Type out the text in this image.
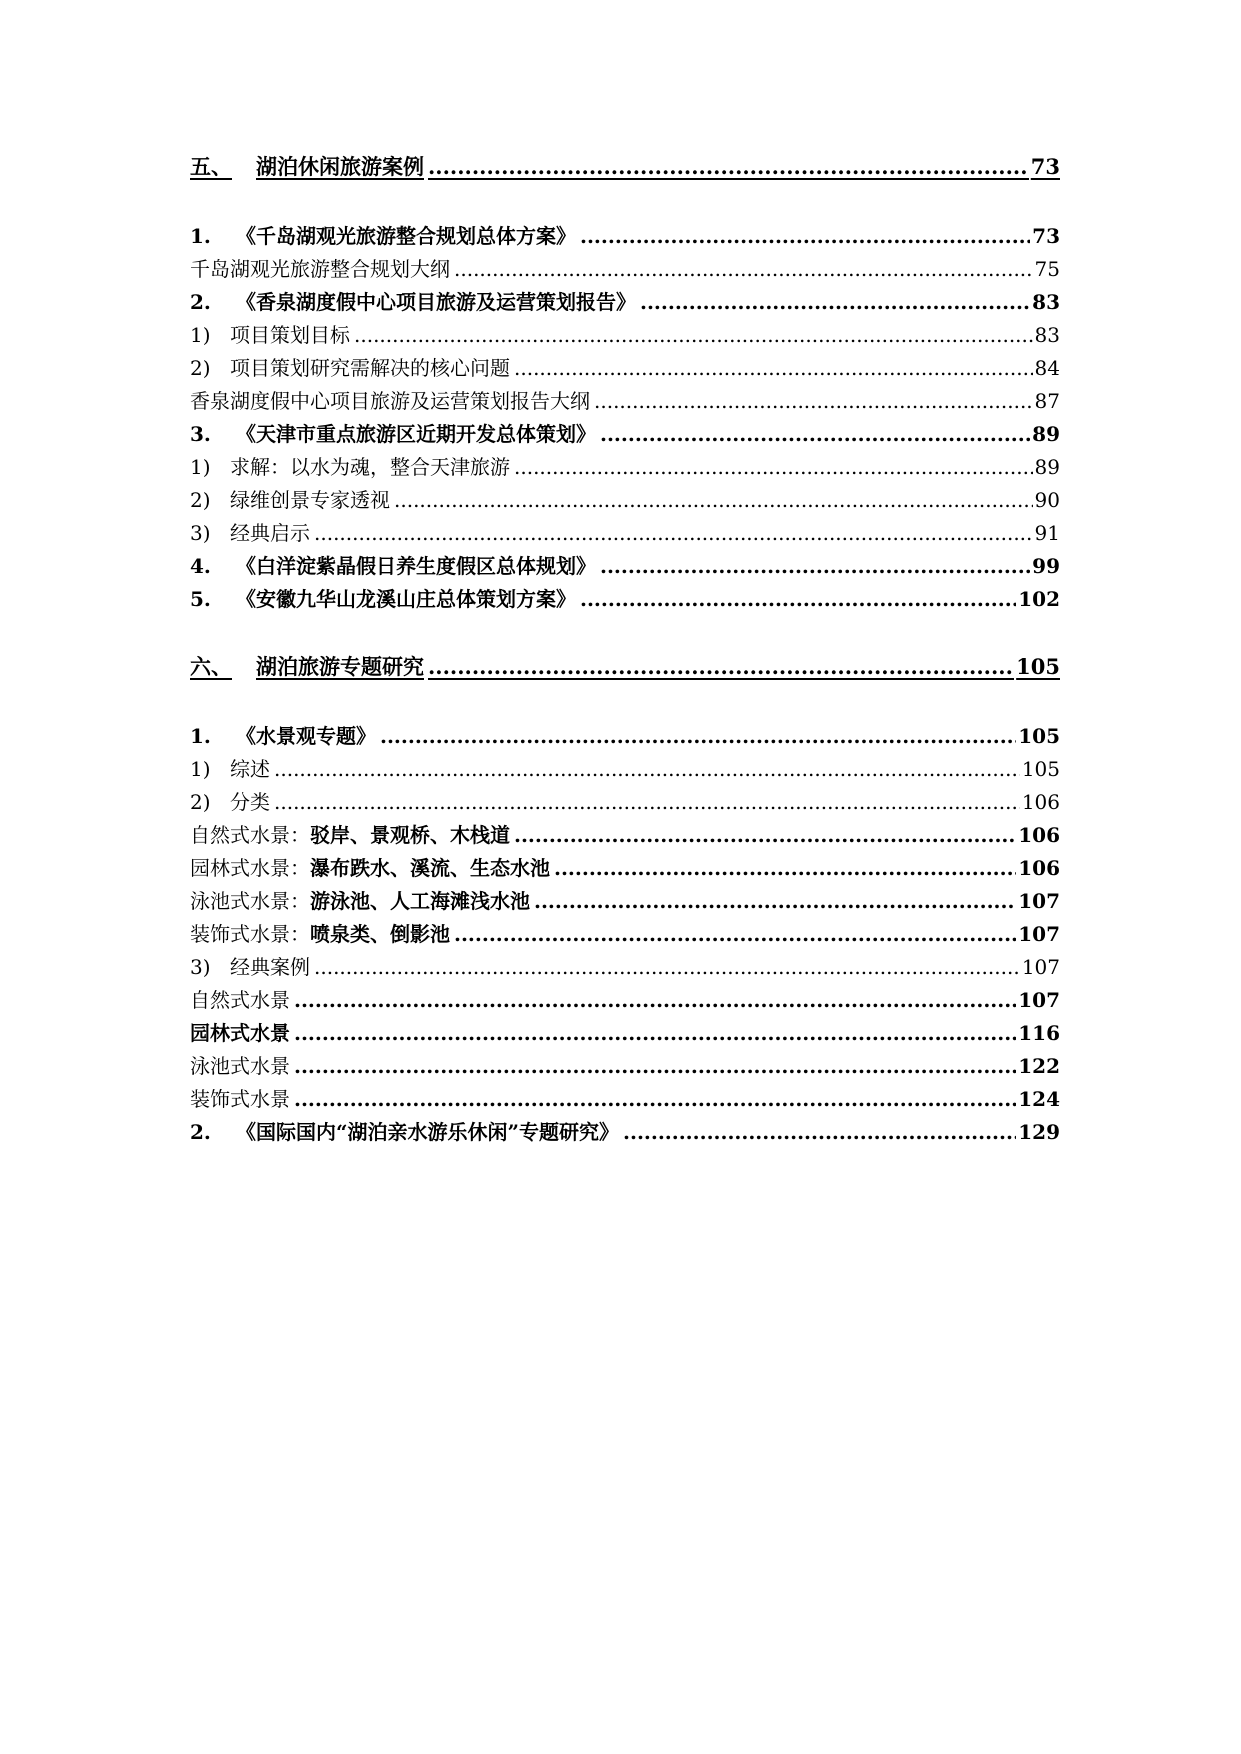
五、	湖泊休闲旅游案例 .....	73
1.	《千岛湖观光旅游整合规划总体方案》 .....	73
千岛湖观光旅游整合规划大纲 .....	75
2.	《香泉湖度假中心项目旅游及运营策划报告》 .....	83
1) 项目策划目标 .....	83
2) 项目策划研究需解决的核心问题 .....	84
香泉湖度假中心项目旅游及运营策划报告大纲 .....	87
3.	《天津市重点旅游区近期开发总体策划》 .....	89
1) 求解：以水为魂，整合天津旅游 .....	89
2) 绿维创景专家透视 .....	90
3) 经典启示 .....	91
4.	《白洋淀紫晶假日养生度假区总体规划》 .....	99
5.	《安徽九华山龙溪山庄总体策划方案》 .....	102
六、	湖泊旅游专题研究 .....	105
1.	《水景观专题》 .....	105
1) 综述 .....	105
2) 分类 .....	106
自然式水景：驳岸、景观桥、木栈道 .....	106
园林式水景：瀑布跌水、溪流、生态水池 .....	106
泳池式水景：游泳池、人工海滩浅水池 .....	107
装饰式水景：喷泉类、倒影池 .....	107
3) 经典案例 .....	107
自然式水景 .....	107
园林式水景 .....	116
泳池式水景 .....	122
装饰式水景 .....	124
2.	《国际国内“湖泊亲水游乐休闲”专题研究》 .....	129
